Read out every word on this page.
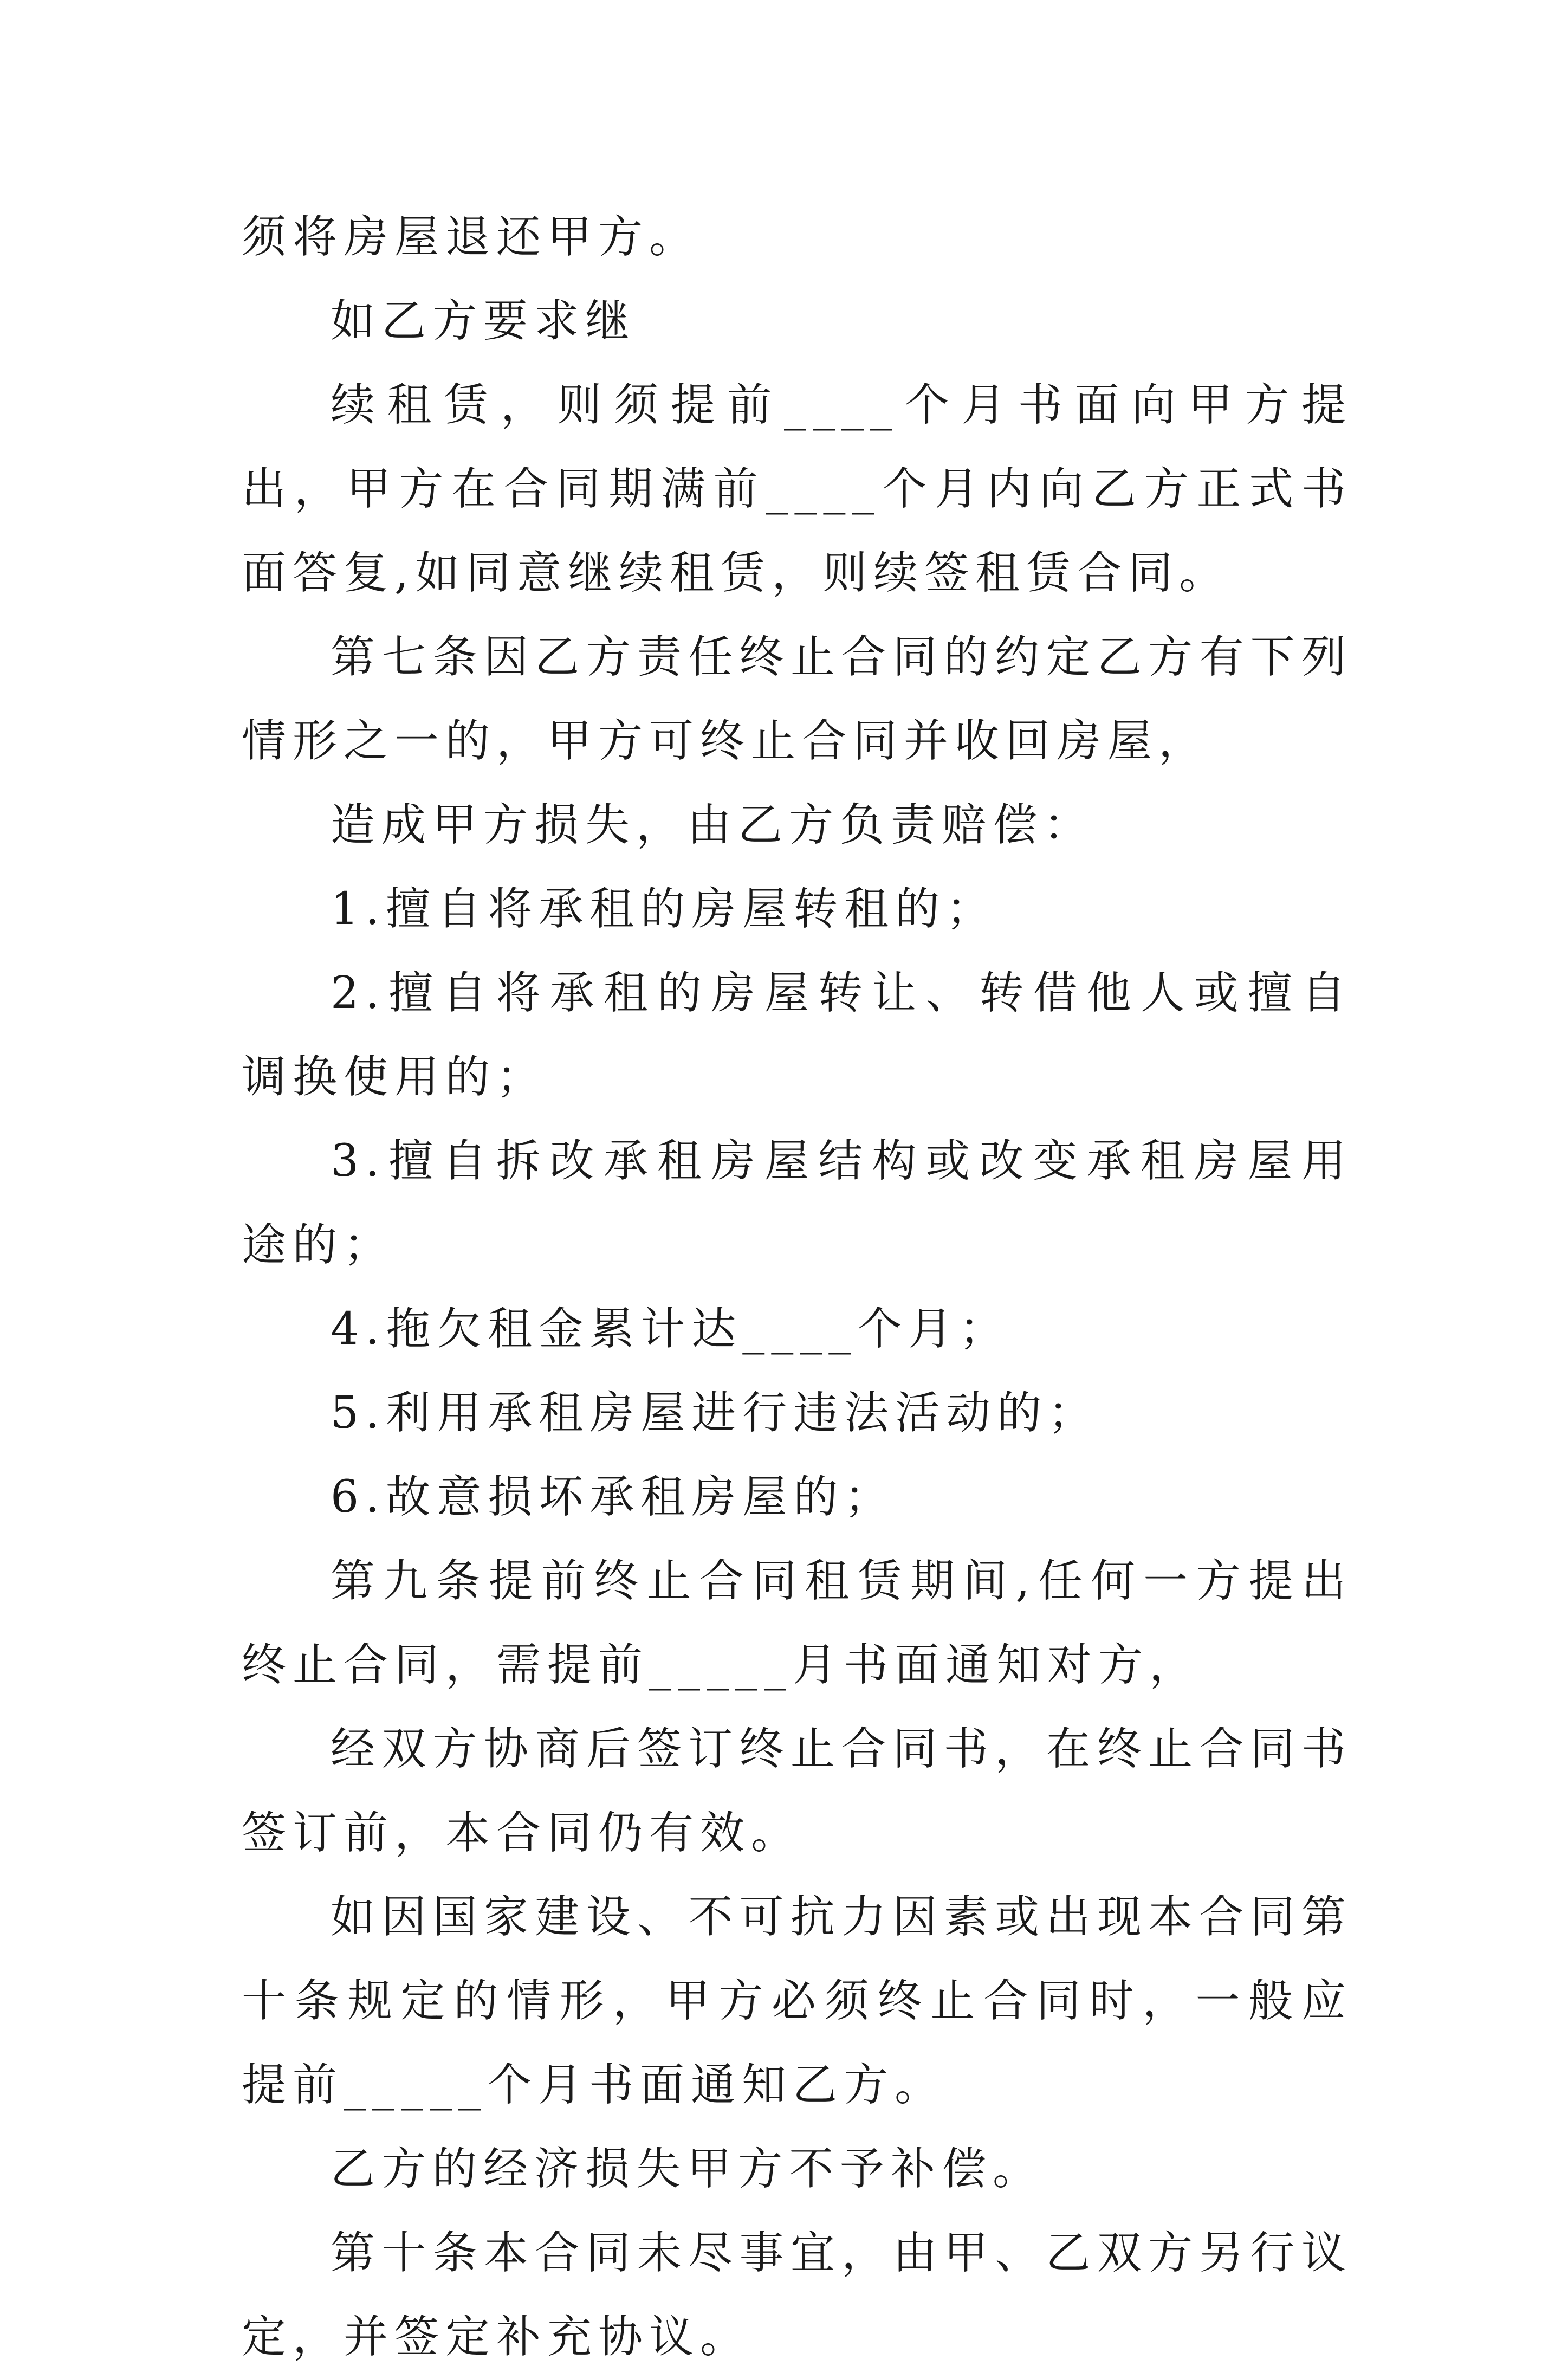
须将房屋退还甲方。

如乙方要求继

续租赁，则须提前____个月书面向甲方提出，甲方在合同期满前____个月内向乙方正式书面答复,如同意继续租赁，则续签租赁合同。

第七条因乙方责任终止合同的约定乙方有下列情形之一的，甲方可终止合同并收回房屋，

造成甲方损失，由乙方负责赔偿：

1.擅自将承租的房屋转租的；

2.擅自将承租的房屋转让、转借他人或擅自调换使用的；

3.擅自拆改承租房屋结构或改变承租房屋用途的；

4.拖欠租金累计达____个月；

5.利用承租房屋进行违法活动的；

6.故意损坏承租房屋的；

第九条提前终止合同租赁期间,任何一方提出终止合同，需提前_____月书面通知对方，

经双方协商后签订终止合同书，在终止合同书签订前，本合同仍有效。

如因国家建设、不可抗力因素或出现本合同第十条规定的情形，甲方必须终止合同时，一般应提前_____个月书面通知乙方。

乙方的经济损失甲方不予补偿。

第十条本合同未尽事宜，由甲、乙双方另行议定，并签定补充协议。
